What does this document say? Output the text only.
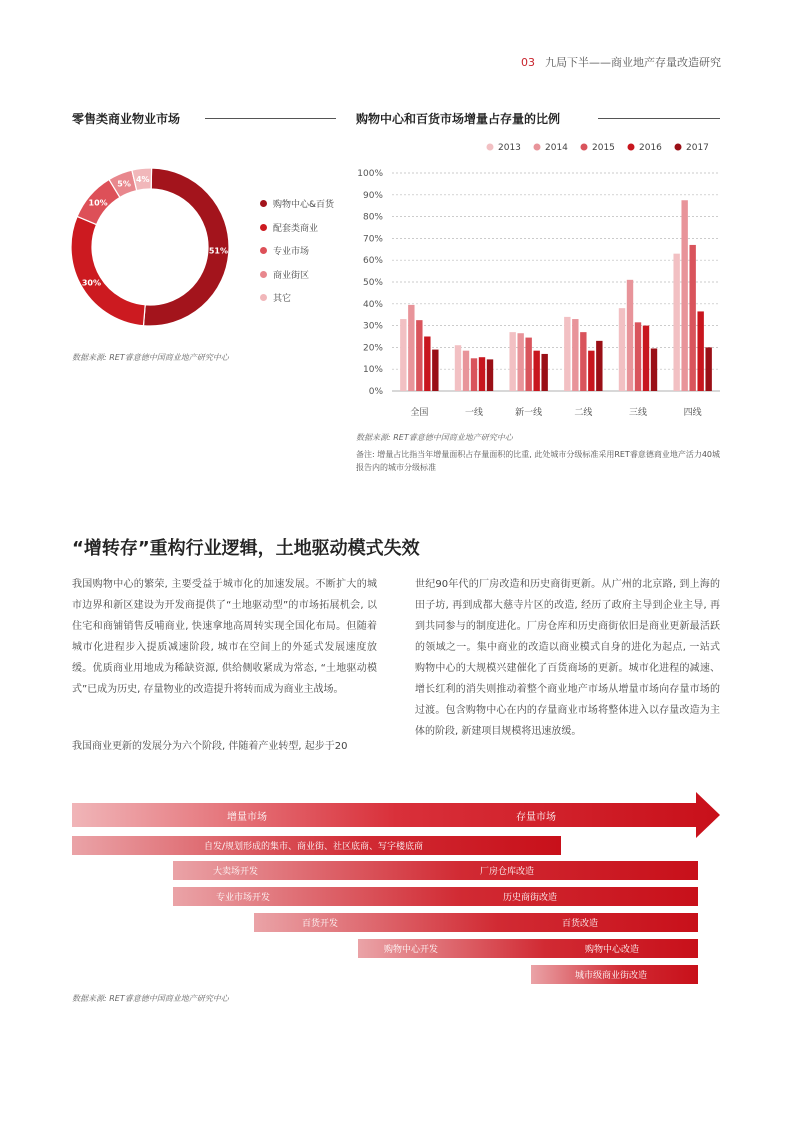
03 九局下半——商业地产存量改造研究
零售类商业物业市场
51%
30%
10%
5%
4%
购物中心&百货
配套类商业
专业市场
商业街区
其它
数据来源: RET睿意德中国商业地产研究中心
购物中心和百货市场增量占存量的比例
0%
10%
20%
30%
40%
50%
60%
70%
80%
90%
100%
全国	一线	新一线	二线	三线	四线
2013	2014	2015	2016	2017
数据来源: RET睿意德中国商业地产研究中心
备注: 增量占比指当年增量面积占存量面积的比重, 此处城市分级标准采用RET睿意德商业地产活力40城报告内的城市分级标准
“增转存”重构行业逻辑，土地驱动模式失效
我国购物中心的繁荣, 主要受益于城市化的加速发展。不断扩大的城市边界和新区建设为开发商提供了“土地驱动型”的市场拓展机会, 以住宅和商铺销售反哺商业, 快速拿地高周转实现全国化布局。但随着城市化进程步入提质减速阶段, 城市在空间上的外延式发展速度放缓。优质商业用地成为稀缺资源, 供给侧收紧成为常态, “土地驱动模式”已成为历史, 存量物业的改造提升将转而成为商业主战场。
我国商业更新的发展分为六个阶段, 伴随着产业转型, 起步于20
世纪90年代的厂房改造和历史商街更新。从广州的北京路, 到上海的田子坊, 再到成都大慈寺片区的改造, 经历了政府主导到企业主导, 再到共同参与的制度进化。厂房仓库和历史商街依旧是商业更新最活跃的领域之一。集中商业的改造以商业模式自身的进化为起点, 一站式购物中心的大规模兴建催化了百货商场的更新。城市化进程的减速、增长红利的消失则推动着整个商业地产市场从增量市场向存量市场的过渡。包含购物中心在内的存量商业市场将整体进入以存量改造为主体的阶段, 新建项目规模将迅速放缓。
增量市场	存量市场
自发/规划形成的集市、商业街、社区底商、写字楼底商
大卖场开发	厂房仓库改造
专业市场开发	历史商街改造
百货开发	百货改造
购物中心开发	购物中心改造
城市级商业街改造
数据来源: RET睿意德中国商业地产研究中心
